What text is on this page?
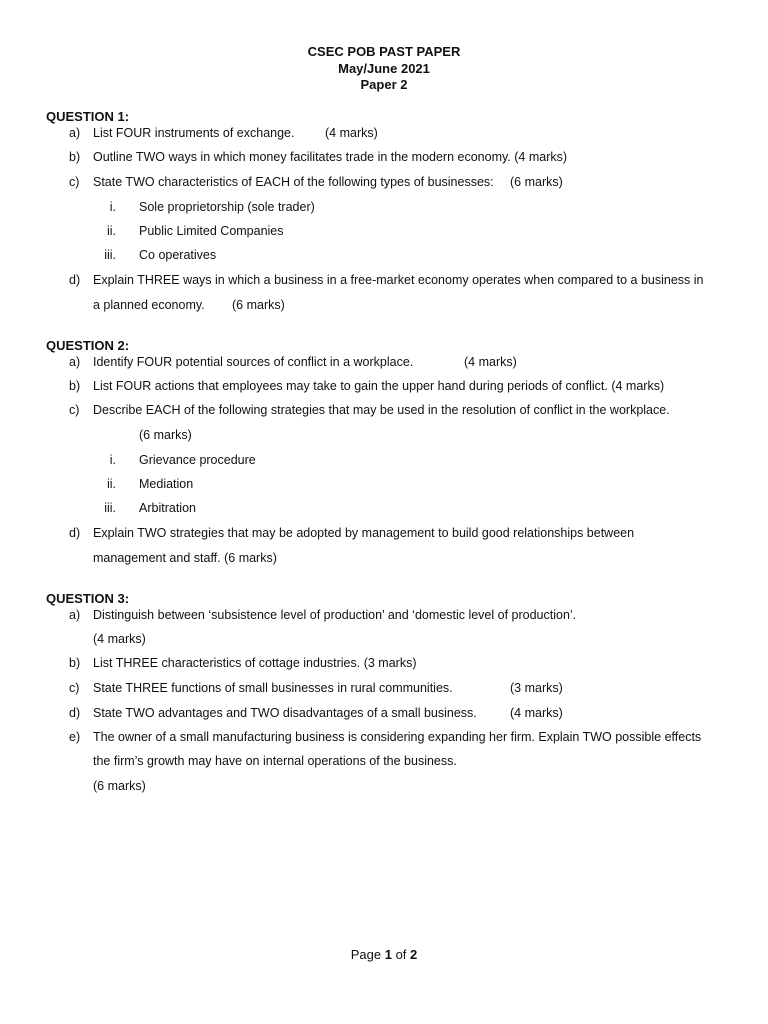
CSEC POB PAST PAPER
May/June 2021
Paper 2
QUESTION 1:
a)	List FOUR instruments of exchange. (4 marks)
b)	Outline TWO ways in which money facilitates trade in the modern economy. (4 marks)
c)	State TWO characteristics of EACH of the following types of businesses: (6 marks)
i. Sole proprietorship (sole trader)
ii. Public Limited Companies
iii. Co operatives
d)	Explain THREE ways in which a business in a free-market economy operates when compared to a business in
a planned economy. (6 marks)
QUESTION 2:
a)	Identify FOUR potential sources of conflict in a workplace.	(4 marks)
b)	List FOUR actions that employees may take to gain the upper hand during periods of conflict. (4 marks)
c)	Describe EACH of the following strategies that may be used in the resolution of conflict in the workplace.
(6 marks)
i. Grievance procedure
ii. Mediation
iii. Arbitration
d)	Explain TWO strategies that may be adopted by management to build good relationships between
management and staff. (6 marks)
QUESTION 3:
a)	Distinguish between ‘subsistence level of production’ and ‘domestic level of production’.
(4 marks)
b)	List THREE characteristics of cottage industries. (3 marks)
c)	State THREE functions of small businesses in rural communities.	(3 marks)
d)	State TWO advantages and TWO disadvantages of a small business.	(4 marks)
e)	The owner of a small manufacturing business is considering expanding her firm. Explain TWO possible effects
the firm’s growth may have on internal operations of the business.
(6 marks)
Page 1 of 2
